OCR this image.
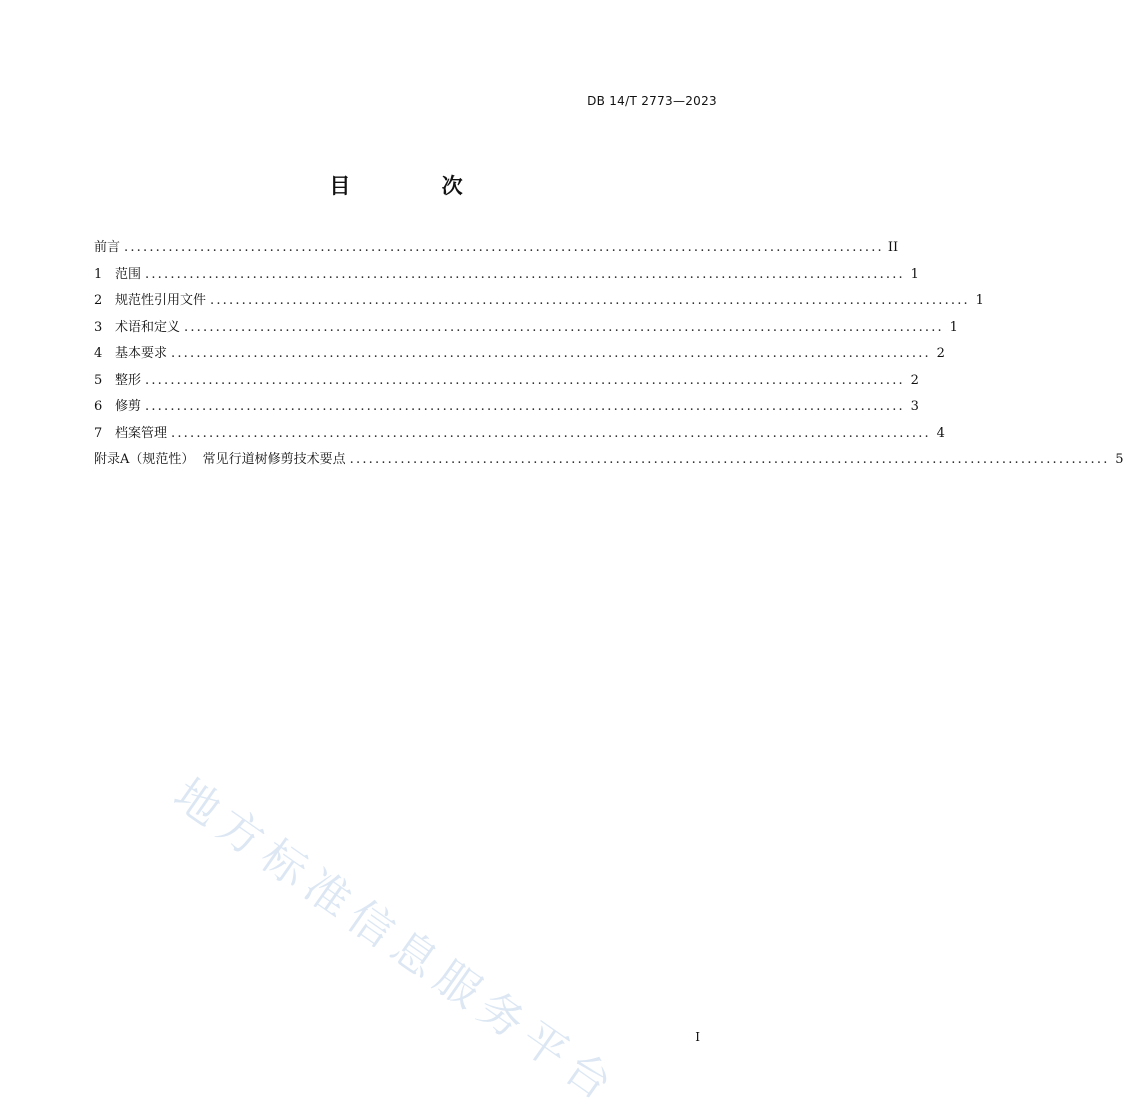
DB 14/T 2773—2023
目 次
前言 ........................................................................................................................ II
1 范围 ........................................................................................................................ 1
2 规范性引用文件 ........................................................................................................................ 1
3 术语和定义 ........................................................................................................................ 1
4 基本要求 ........................................................................................................................ 2
5 整形 ........................................................................................................................ 2
6 修剪 ........................................................................................................................ 3
7 档案管理 ........................................................................................................................ 4
附录A（规范性）  常见行道树修剪技术要点 ........................................................................................................................ 5
地方标准信息服务平台	I
